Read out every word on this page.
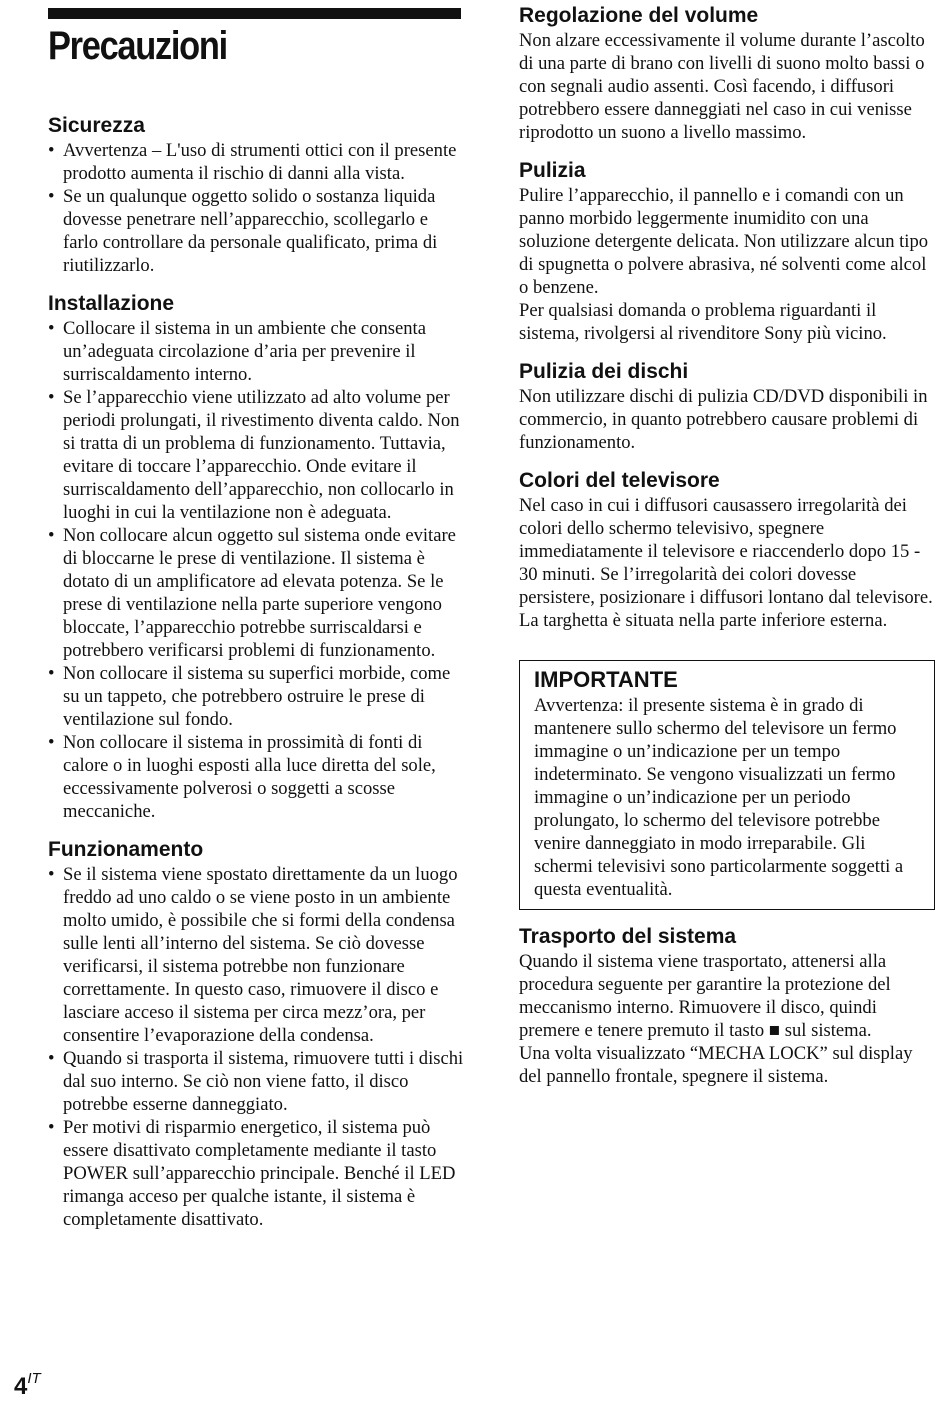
Precauzioni
Sicurezza
• Avvertenza – L'uso di strumenti ottici con il presente prodotto aumenta il rischio di danni alla vista.
• Se un qualunque oggetto solido o sostanza liquida dovesse penetrare nell’apparecchio, scollegarlo e farlo controllare da personale qualificato, prima di riutilizzarlo.
Installazione
• Collocare il sistema in un ambiente che consenta un’adeguata circolazione d’aria per prevenire il surriscaldamento interno.
• Se l’apparecchio viene utilizzato ad alto volume per periodi prolungati, il rivestimento diventa caldo. Non si tratta di un problema di funzionamento. Tuttavia, evitare di toccare l’apparecchio. Onde evitare il surriscaldamento dell’apparecchio, non collocarlo in luoghi in cui la ventilazione non è adeguata.
• Non collocare alcun oggetto sul sistema onde evitare di bloccarne le prese di ventilazione. Il sistema è dotato di un amplificatore ad elevata potenza. Se le prese di ventilazione nella parte superiore vengono bloccate, l’apparecchio potrebbe surriscaldarsi e potrebbero verificarsi problemi di funzionamento.
• Non collocare il sistema su superfici morbide, come su un tappeto, che potrebbero ostruire le prese di ventilazione sul fondo.
• Non collocare il sistema in prossimità di fonti di calore o in luoghi esposti alla luce diretta del sole, eccessivamente polverosi o soggetti a scosse meccaniche.
Funzionamento
• Se il sistema viene spostato direttamente da un luogo freddo ad uno caldo o se viene posto in un ambiente molto umido, è possibile che si formi della condensa sulle lenti all’interno del sistema. Se ciò dovesse verificarsi, il sistema potrebbe non funzionare correttamente. In questo caso, rimuovere il disco e lasciare acceso il sistema per circa mezz’ora, per consentire l’evaporazione della condensa.
• Quando si trasporta il sistema, rimuovere tutti i dischi dal suo interno. Se ciò non viene fatto, il disco potrebbe esserne danneggiato.
• Per motivi di risparmio energetico, il sistema può essere disattivato completamente mediante il tasto POWER sull’apparecchio principale. Benché il LED rimanga acceso per qualche istante, il sistema è completamente disattivato.
Regolazione del volume

Non alzare eccessivamente il volume durante l’ascolto di una parte di brano con livelli di suono molto bassi o con segnali audio assenti. Così facendo, i diffusori potrebbero essere danneggiati nel caso in cui venisse riprodotto un suono a livello massimo.

Pulizia

Pulire l’apparecchio, il pannello e i comandi con un panno morbido leggermente inumidito con una soluzione detergente delicata. Non utilizzare alcun tipo di spugnetta o polvere abrasiva, né solventi come alcol o benzene.

Per qualsiasi domanda o problema riguardanti il sistema, rivolgersi al rivenditore Sony più vicino.

Pulizia dei dischi

Non utilizzare dischi di pulizia CD/DVD disponibili in commercio, in quanto potrebbero causare problemi di funzionamento.

Colori del televisore

Nel caso in cui i diffusori causassero irregolarità dei colori dello schermo televisivo, spegnere immediatamente il televisore e riaccenderlo dopo 15 - 30 minuti. Se l’irregolarità dei colori dovesse persistere, posizionare i diffusori lontano dal televisore.

La targhetta è situata nella parte inferiore esterna.

IMPORTANTE

Avvertenza: il presente sistema è in grado di mantenere sullo schermo del televisore un fermo immagine o un’indicazione per un tempo indeterminato. Se vengono visualizzati un fermo immagine o un’indicazione per un periodo prolungato, lo schermo del televisore potrebbe venire danneggiato in modo irreparabile. Gli schermi televisivi sono particolarmente soggetti a questa eventualità.

Trasporto del sistema

Quando il sistema viene trasportato, attenersi alla procedura seguente per garantire la protezione del meccanismo interno. Rimuovere il disco, quindi premere e tenere premuto il tasto ■ sul sistema.

Una volta visualizzato “MECHA LOCK” sul display del pannello frontale, spegnere il sistema.

$4^{IT}$
